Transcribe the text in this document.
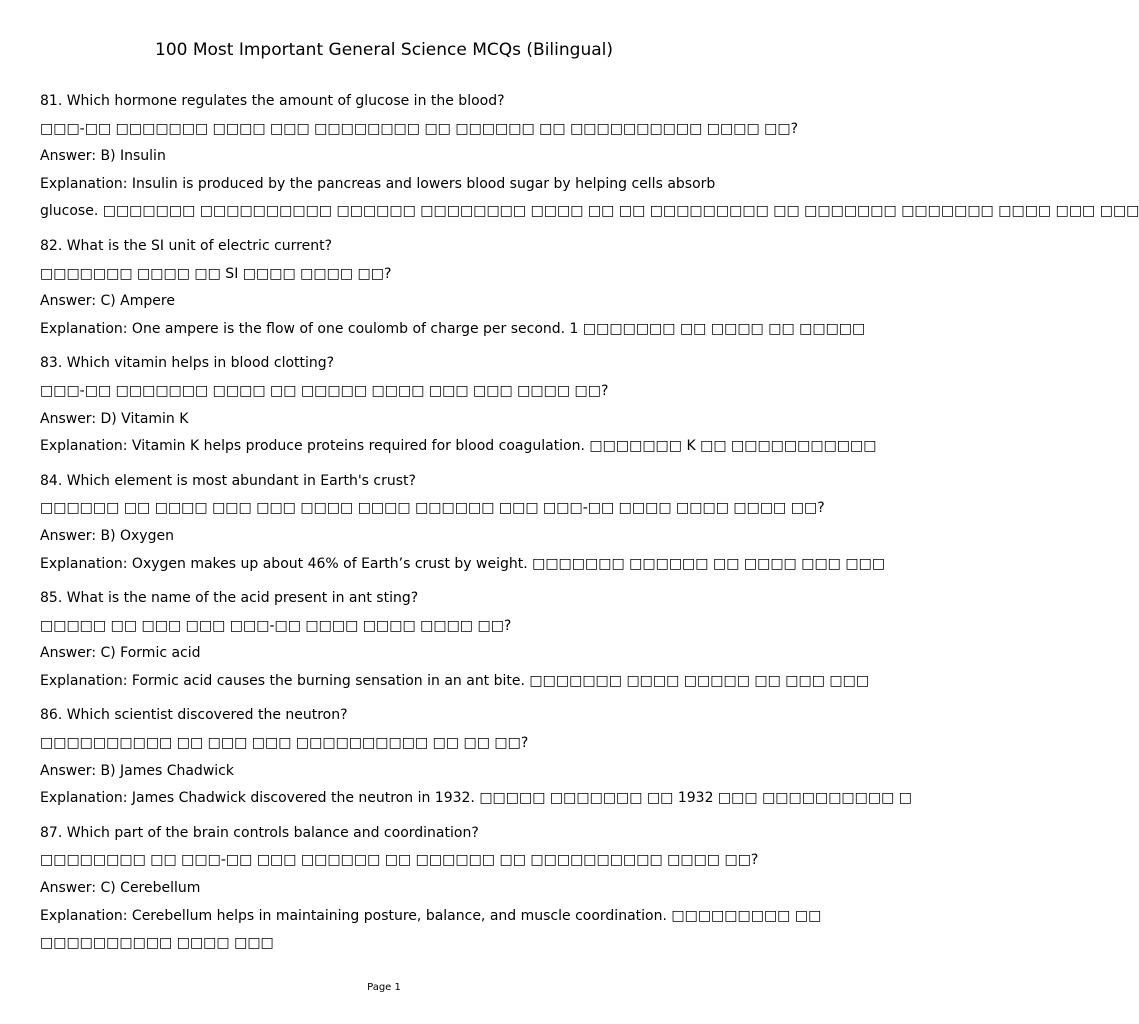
100 Most Important General Science MCQs (Bilingual)
81. Which hormone regulates the amount of glucose in the blood?
□□□-□□ □□□□□□□ □□□□ □□□ □□□□□□□□ □□ □□□□□□ □□ □□□□□□□□□□ □□□□ □□?
Answer: B) Insulin
Explanation: Insulin is produced by the pancreas and lowers blood sugar by helping cells absorb
glucose. □□□□□□□ □□□□□□□□□□ □□□□□□ □□□□□□□□ □□□□ □□ □□ □□□□□□□□□ □□ □□□□□□□ □□□□□□□ □□□□ □□□ □□□
82. What is the SI unit of electric current?
□□□□□□□ □□□□ □□ SI □□□□ □□□□ □□?
Answer: C) Ampere
Explanation: One ampere is the flow of one coulomb of charge per second. 1 □□□□□□□ □□ □□□□ □□ □□□□□
83. Which vitamin helps in blood clotting?
□□□-□□ □□□□□□□ □□□□ □□ □□□□□ □□□□ □□□ □□□ □□□□ □□?
Answer: D) Vitamin K
Explanation: Vitamin K helps produce proteins required for blood coagulation. □□□□□□□ K □□ □□□□□□□□□□□
84. Which element is most abundant in Earth's crust?
□□□□□□ □□ □□□□ □□□ □□□ □□□□ □□□□ □□□□□□ □□□ □□□-□□ □□□□ □□□□ □□□□ □□?
Answer: B) Oxygen
Explanation: Oxygen makes up about 46% of Earth’s crust by weight. □□□□□□□ □□□□□□ □□ □□□□ □□□ □□□
85. What is the name of the acid present in ant sting?
□□□□□ □□ □□□ □□□ □□□-□□ □□□□ □□□□ □□□□ □□?
Answer: C) Formic acid
Explanation: Formic acid causes the burning sensation in an ant bite. □□□□□□□ □□□□ □□□□□ □□ □□□ □□□
86. Which scientist discovered the neutron?
□□□□□□□□□□ □□ □□□ □□□ □□□□□□□□□□ □□ □□ □□?
Answer: B) James Chadwick
Explanation: James Chadwick discovered the neutron in 1932. □□□□□ □□□□□□□ □□ 1932 □□□ □□□□□□□□□□ □
87. Which part of the brain controls balance and coordination?
□□□□□□□□ □□ □□□-□□ □□□ □□□□□□ □□ □□□□□□ □□ □□□□□□□□□□ □□□□ □□?
Answer: C) Cerebellum
Explanation: Cerebellum helps in maintaining posture, balance, and muscle coordination. □□□□□□□□□ □□
□□□□□□□□□□ □□□□ □□□
Page 1
